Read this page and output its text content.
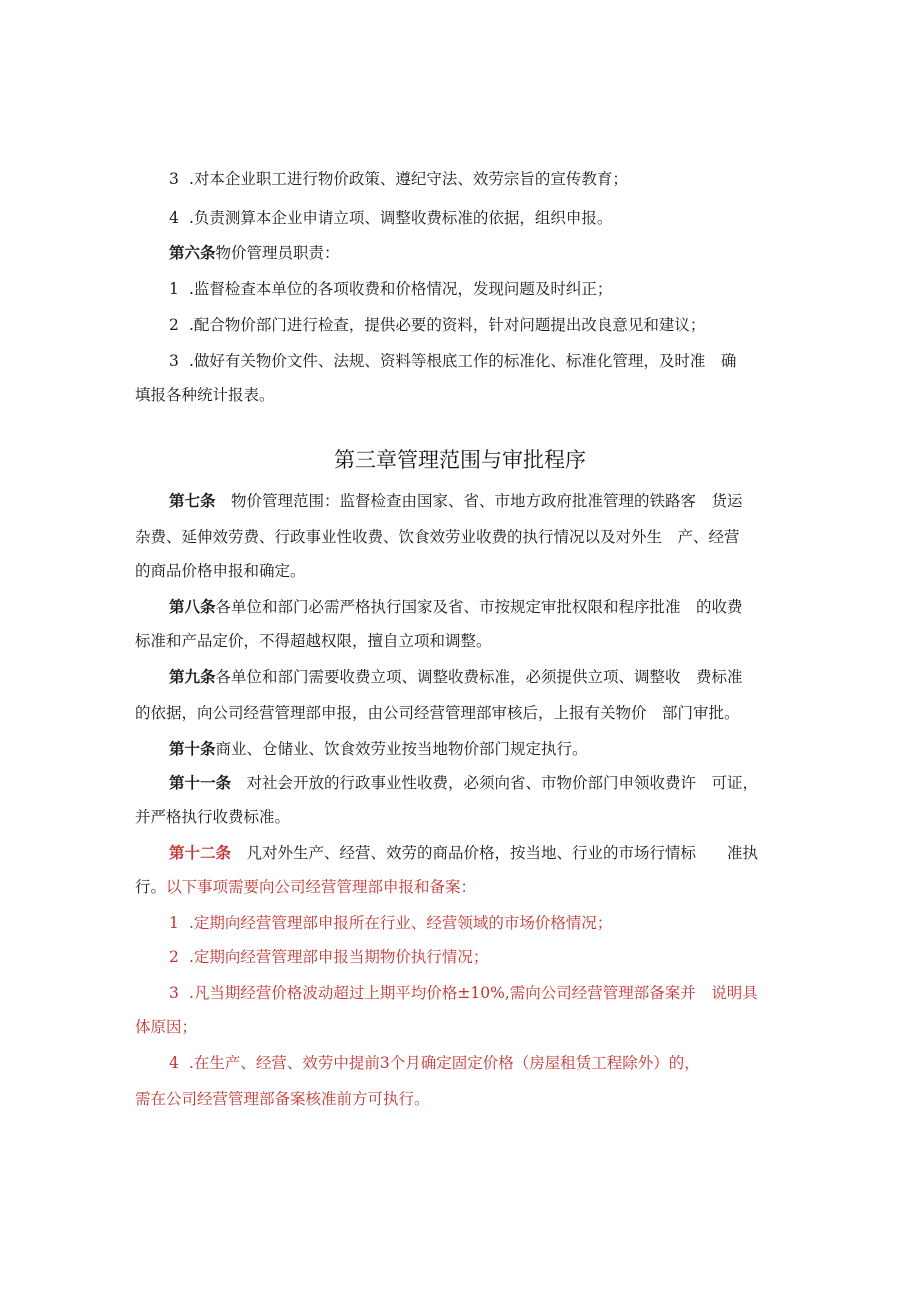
3 .对本企业职工进行物价政策、遵纪守法、效劳宗旨的宣传教育；
4 .负责测算本企业申请立项、调整收费标准的依据，组织申报。
第六条物价管理员职责：
1 .监督检查本单位的各项收费和价格情况，发现问题及时纠正；
2 .配合物价部门进行检查，提供必要的资料，针对问题提出改良意见和建议；
3 .做好有关物价文件、法规、资料等根底工作的标准化、标准化管理，及时准　确
填报各种统计报表。
第三章管理范围与审批程序
第七条　物价管理范围：监督检查由国家、省、市地方政府批准管理的铁路客　货运
杂费、延伸效劳费、行政事业性收费、饮食效劳业收费的执行情况以及对外生　产、经营
的商品价格申报和确定。
第八条各单位和部门必需严格执行国家及省、市按规定审批权限和程序批准　的收费
标准和产品定价，不得超越权限，擅自立项和调整。
第九条各单位和部门需要收费立项、调整收费标准，必须提供立项、调整收　费标准
的依据，向公司经营管理部申报，由公司经营管理部审核后，上报有关物价　部门审批。
第十条商业、仓储业、饮食效劳业按当地物价部门规定执行。
第十一条　对社会开放的行政事业性收费，必须向省、市物价部门申领收费许　可证，
并严格执行收费标准。
第十二条　凡对外生产、经营、效劳的商品价格，按当地、行业的市场行情标　　准执
行。以下事项需要向公司经营管理部申报和备案：
1 .定期向经营管理部申报所在行业、经营领域的市场价格情况；
2 .定期向经营管理部申报当期物价执行情况；
3 .凡当期经营价格波动超过上期平均价格±10%,需向公司经营管理部备案并　说明具
体原因；
4 .在生产、经营、效劳中提前3个月确定固定价格（房屋租赁工程除外）的，
需在公司经营管理部备案核准前方可执行。
